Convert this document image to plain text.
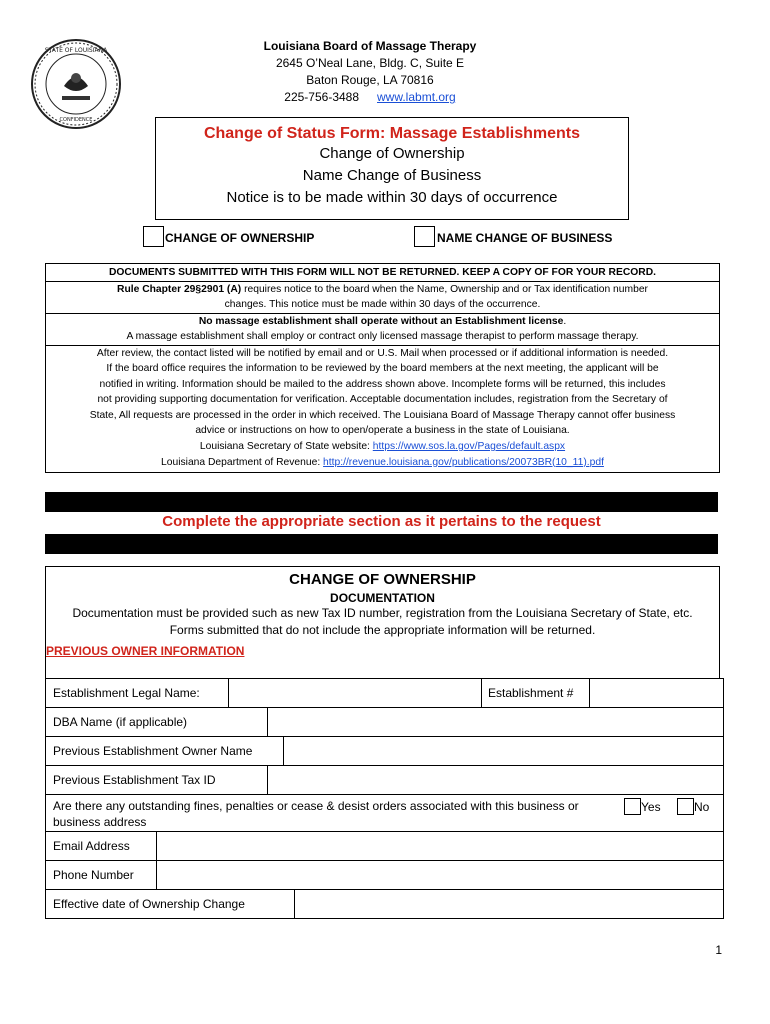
STATE OF LOUISIANA
CONFIDENCE
Louisiana Board of Massage Therapy
2645 O’Neal Lane, Bldg. C, Suite E
Baton Rouge, LA 70816
225-756-3488 www.labmt.org
Change of Status Form: Massage Establishments
Change of Ownership
Name Change of Business
Notice is to be made within 30 days of occurrence
CHANGE OF OWNERSHIP	NAME CHANGE OF BUSINESS
DOCUMENTS SUBMITTED WITH THIS FORM WILL NOT BE RETURNED. KEEP A COPY OF FOR YOUR RECORD.
Rule Chapter 29§2901 (A) requires notice to the board when the Name, Ownership and or Tax identification number
changes. This notice must be made within 30 days of the occurrence.
No massage establishment shall operate without an Establishment license.
A massage establishment shall employ or contract only licensed massage therapist to perform massage therapy.
After review, the contact listed will be notified by email and or U.S. Mail when processed or if additional information is needed.
If the board office requires the information to be reviewed by the board members at the next meeting, the applicant will be
notified in writing. Information should be mailed to the address shown above. Incomplete forms will be returned, this includes
not providing supporting documentation for verification. Acceptable documentation includes, registration from the Secretary of
State, All requests are processed in the order in which received. The Louisiana Board of Massage Therapy cannot offer business
advice or instructions on how to open/operate a business in the state of Louisiana.
Louisiana Secretary of State website: https://www.sos.la.gov/Pages/default.aspx
Louisiana Department of Revenue: http://revenue.louisiana.gov/publications/20073BR(10_11).pdf
Complete the appropriate section as it pertains to the request
CHANGE OF OWNERSHIP
DOCUMENTATION
Documentation must be provided such as new Tax ID number, registration from the Louisiana Secretary of State, etc.
Forms submitted that do not include the appropriate information will be returned.
PREVIOUS OWNER INFORMATION
Establishment Legal Name:	Establishment #
DBA Name (if applicable)
Previous Establishment Owner Name
Previous Establishment Tax ID
Are there any outstanding fines, penalties or cease & desist orders associated with this business or
business address
Yes	No
Email Address
Phone Number
Effective date of Ownership Change
1
